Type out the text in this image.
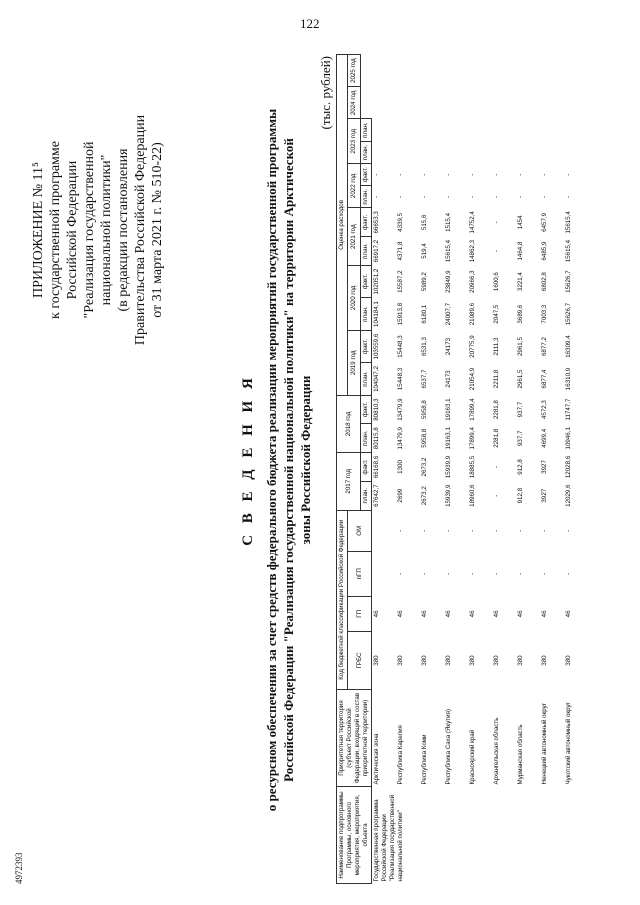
122
4972393
ПРИЛОЖЕНИЕ № 11⁵ к государственной программе Российской Федерации "Реализация государственной национальной политики" (в редакции постановления Правительства Российской Федерации от 31 марта 2021 г. № 510-22)
С В Е Д Е Н И Я о ресурсном обеспечении за счет средств федерального бюджета реализации мероприятий государственной программы Российской Федерации "Реализация государственной национальной политики" на территории Арктической зоны Российской Федерации
(тыс. рублей)
Наименование подпрограммы Программы, основного мероприятия, мероприятия, объекта	Приоритетная территория (субъект Российской Федерации, входящий в состав приоритетной территории)	Код бюджетной классификации Российской Федерации				2017 год		2018 год		Оценка расходов											
		ГРБС	ГП	пГП	ОМ					2019 год		2020 год		2021 год		2022 год		2023 год		2024 год	2025 год
						план.	факт.	план.	факт.	план.	факт.	план.	факт.	план.	факт.	план.	факт.	план.	план.		
Государственная программа Российской Федерации "Реализация государственной национальной политики"	Арктическая зона	380	46			67642,7	66168,6	80115,8	80810,3	104047,2	103559,6	104184,1	102051,2	66917,2	66653,3	-	-				
	Республика Карелия	380	46	-	-	2699	1300	13479,9	13479,9	15448,3	15448,3	15913,8	15587,2	4371,8	4339,5	-	-				
	Республика Коми	380	46	-	-	2673,2	2673,2	5958,8	5958,8	6537,7	6531,3	6180,1	5989,2	519,4	515,6	-	-				
	Республика Саха (Якутия)	380	46	-	-	15939,9	15939,9	19163,1	19163,1	24173	24173	24007,7	23849,9	15615,4	1515,4	-	-				
	Красноярский край	380	46	-	-	18960,6	18885,5	17899,4	17899,4	21054,9	20775,9	21089,6	20966,3	14862,3	14752,4	-	-				
	Архангельская область	380	46	-	-	-	-	2281,8	2281,8	2211,8	2111,3	2047,5	1600,6	-	-	-	-				
	Мурманская область	380	46	-	-	912,8	912,8	937,7	937,7	2961,5	2961,5	3689,6	3221,4	1464,8	1454	-	-				
	Ненецкий автономный округ	380	46	-	-	3927	3927	4699,4	4572,3	6877,4	6877,2	7003,3	6802,8	6485,9	6457,9	-	-				
	Чукотский автономный округ	380	46	-	-	12029,6	12028,6	10946,1	11747,7	16310,9	16309,4	15626,7	15626,7	15615,4	15615,4	-	-				
